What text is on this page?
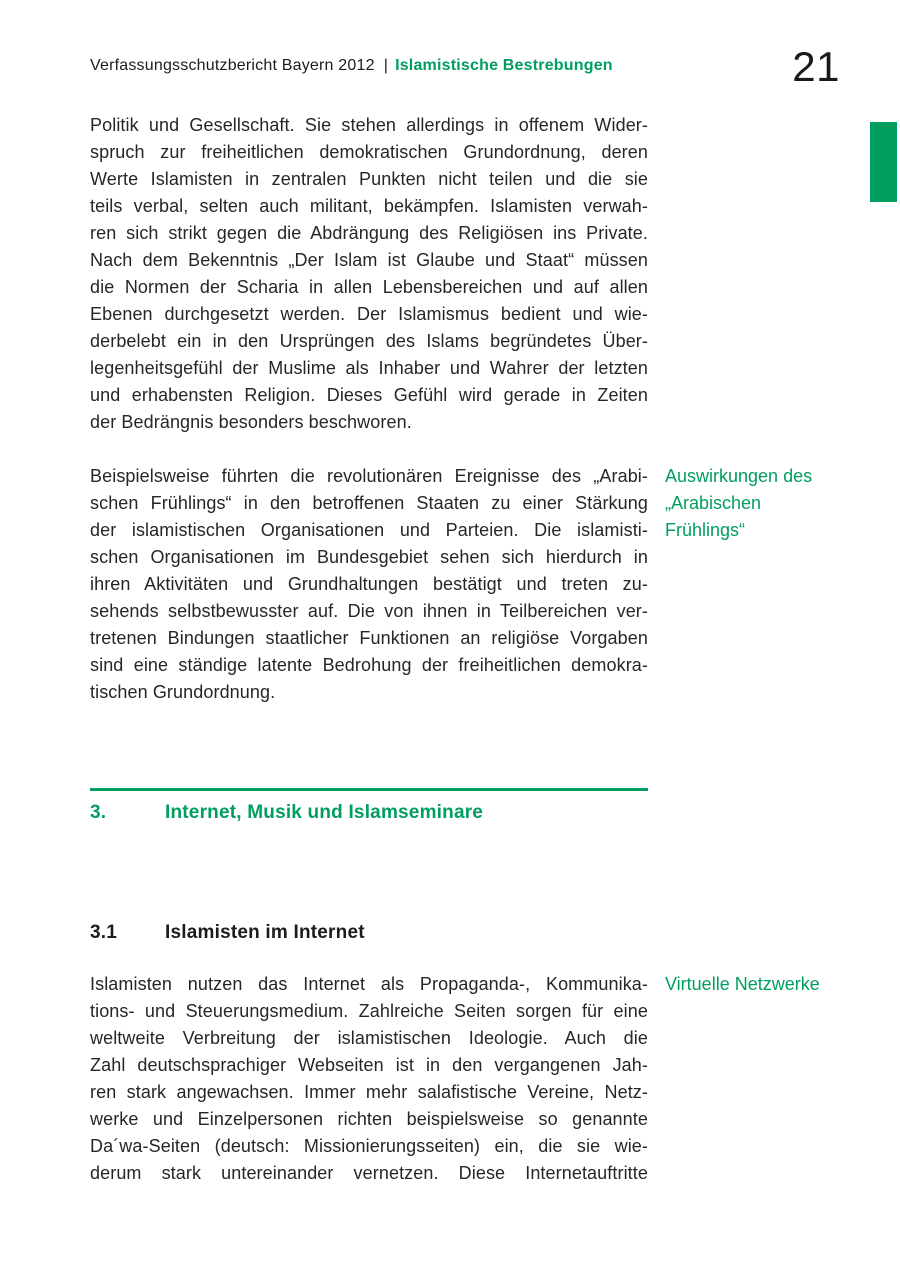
Verfassungsschutzbericht Bayern 2012 | Islamistische Bestrebungen	21
Politik und Gesellschaft. Sie stehen allerdings in offenem Wider-
spruch zur freiheitlichen demokratischen Grundordnung, deren
Werte Islamisten in zentralen Punkten nicht teilen und die sie
teils verbal, selten auch militant, bekämpfen. Islamisten verwah-
ren sich strikt gegen die Abdrängung des Religiösen ins Private.
Nach dem Bekenntnis „Der Islam ist Glaube und Staat“ müssen
die Normen der Scharia in allen Lebensbereichen und auf allen
Ebenen durchgesetzt werden. Der Islamismus bedient und wie-
derbelebt ein in den Ursprüngen des Islams begründetes Über-
legenheitsgefühl der Muslime als Inhaber und Wahrer der letzten
und erhabensten Religion. Dieses Gefühl wird gerade in Zeiten
der Bedrängnis besonders beschworen.
Beispielsweise führten die revolutionären Ereignisse des „Arabi-
schen Frühlings“ in den betroffenen Staaten zu einer Stärkung
der islamistischen Organisationen und Parteien. Die islamisti-
schen Organisationen im Bundesgebiet sehen sich hierdurch in
ihren Aktivitäten und Grundhaltungen bestätigt und treten zu-
sehends selbstbewusster auf. Die von ihnen in Teilbereichen ver-
tretenen Bindungen staatlicher Funktionen an religiöse Vorgaben
sind eine ständige latente Bedrohung der freiheitlichen demokra-
tischen Grundordnung.
Auswirkungen des
„Arabischen
Frühlings“
3.	Internet, Musik und Islamseminare
3.1	Islamisten im Internet
Islamisten nutzen das Internet als Propaganda-, Kommunika-
tions- und Steuerungsmedium. Zahlreiche Seiten sorgen für eine
weltweite Verbreitung der islamistischen Ideologie. Auch die
Zahl deutschsprachiger Webseiten ist in den vergangenen Jah-
ren stark angewachsen. Immer mehr salafistische Vereine, Netz-
werke und Einzelpersonen richten beispielsweise so genannte
Da´wa-Seiten (deutsch: Missionierungsseiten) ein, die sie wie-
derum stark untereinander vernetzen. Diese Internetauftritte
Virtuelle Netzwerke
